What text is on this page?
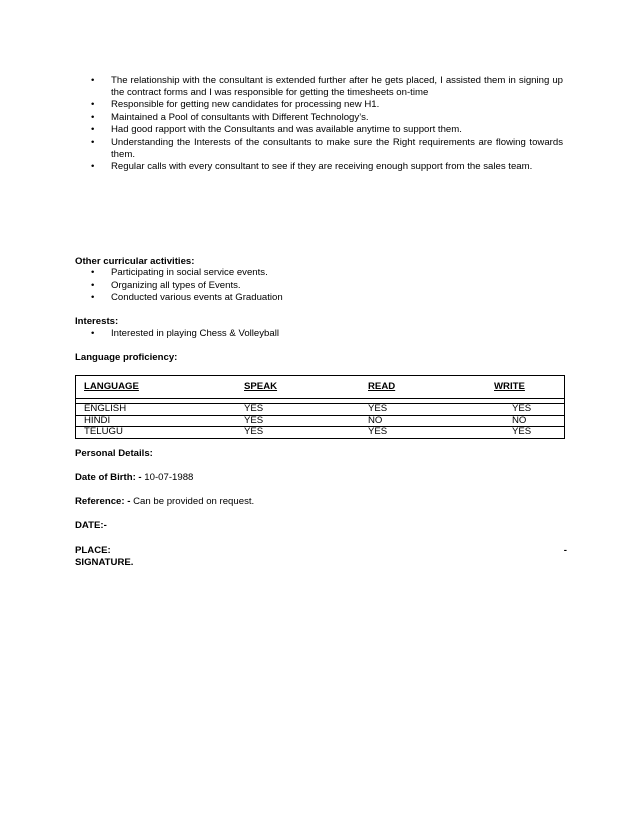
• The relationship with the consultant is extended further after he gets placed, I assisted them in signing up the contract forms and I was responsible for getting the timesheets on-time
• Responsible for getting new candidates for processing new H1.
• Maintained a Pool of consultants with Different Technology’s.
• Had good rapport with the Consultants and was available anytime to support them.
• Understanding the Interests of the consultants to make sure the Right requirements are flowing towards them.
• Regular calls with every consultant to see if they are receiving enough support from the sales team.
Other curricular activities:
• Participating in social service events.
• Organizing all types of Events.
• Conducted various events at Graduation
Interests:
• Interested in playing Chess & Volleyball
Language proficiency:
LANGUAGE	SPEAK	READ	WRITE

ENGLISH	YES	YES	YES
HINDI	YES	NO	NO
TELUGU	YES	YES	YES
Personal Details:
Date of Birth: - 10-07-1988
Reference: - Can be provided on request.
DATE:-
PLACE:	-
SIGNATURE.
